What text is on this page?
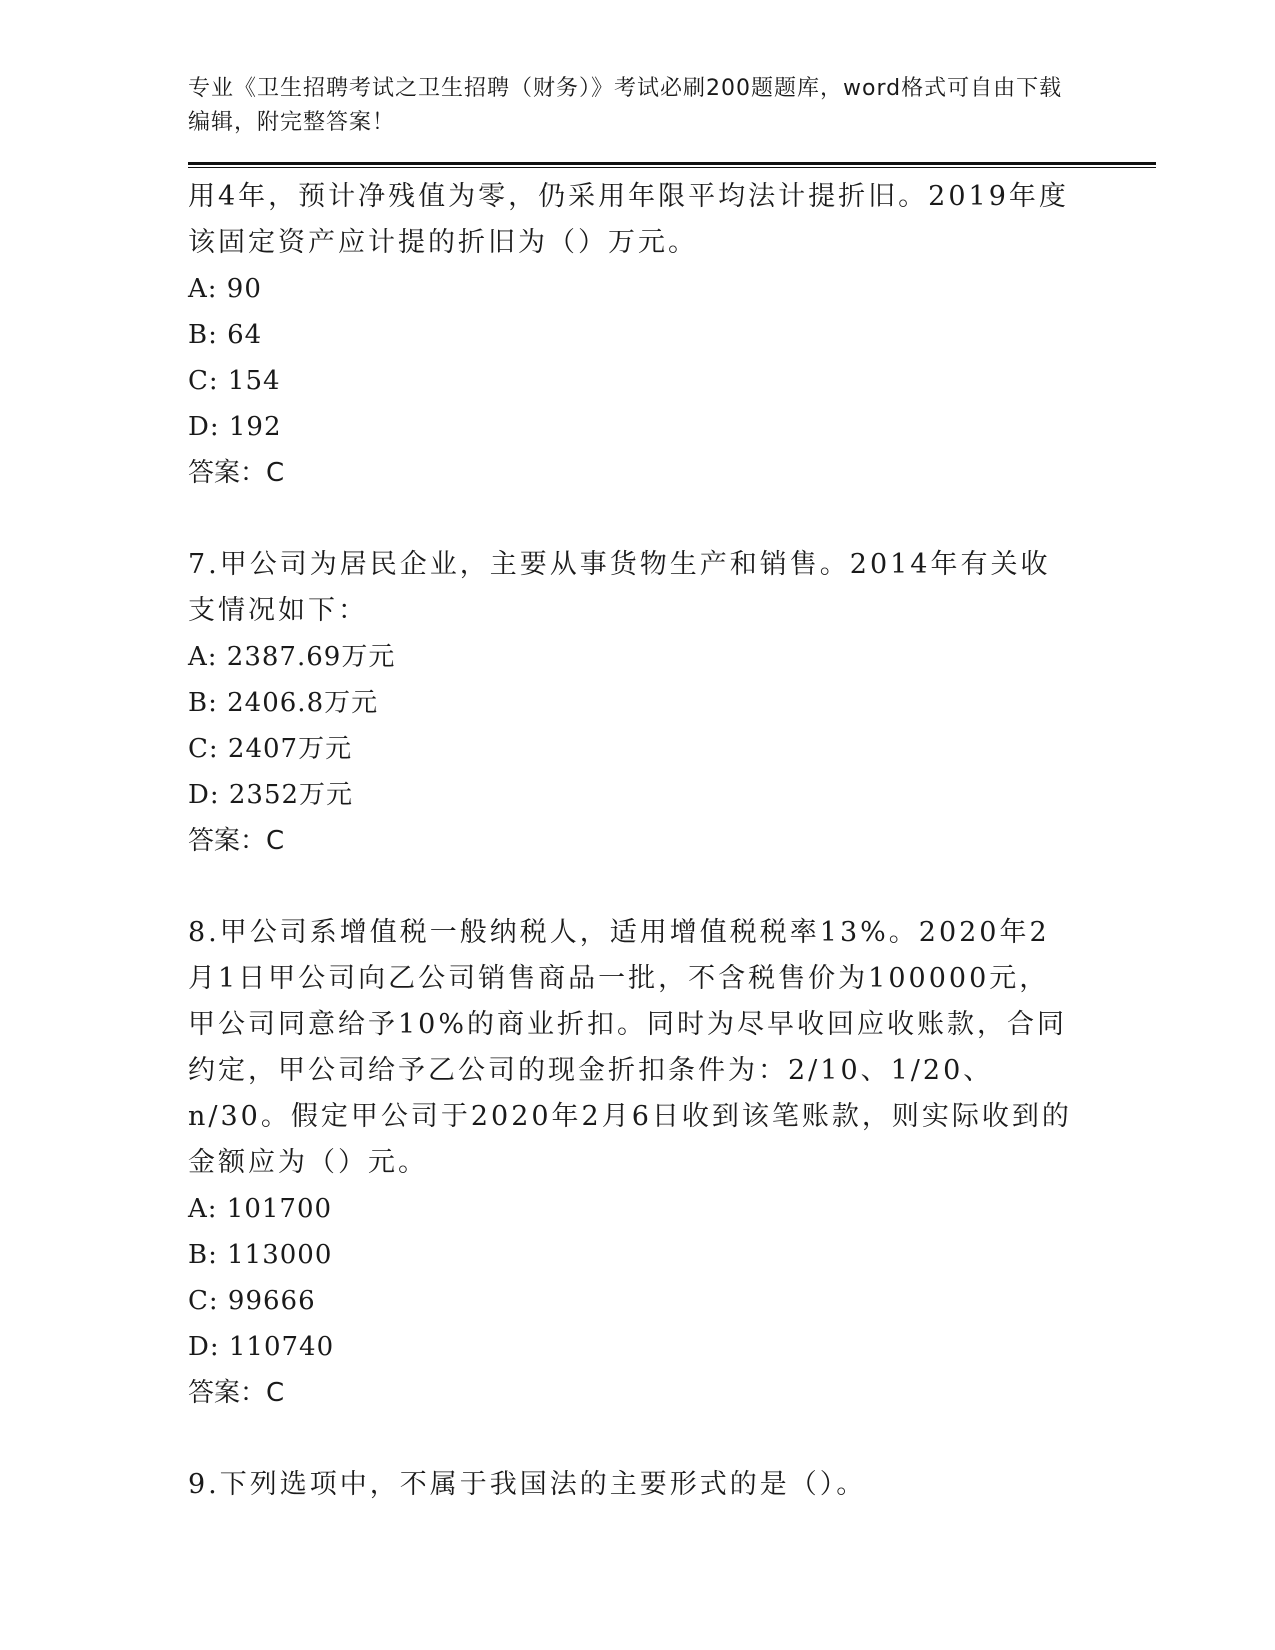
专业《卫生招聘考试之卫生招聘（财务）》考试必刷200题题库，word格式可自由下载编辑，附完整答案！

用4年，预计净残值为零，仍采用年限平均法计提折旧。2019年度该固定资产应计提的折旧为（）万元。

A: 90

B: 64

C: 154

D: 192

答案：C

7.甲公司为居民企业，主要从事货物生产和销售。2014年有关收支情况如下：

A: 2387.69万元

B: 2406.8万元

C: 2407万元

D: 2352万元

答案：C

8.甲公司系增值税一般纳税人，适用增值税税率13%。2020年2月1日甲公司向乙公司销售商品一批，不含税售价为100000元，甲公司同意给予10%的商业折扣。同时为尽早收回应收账款，合同约定，甲公司给予乙公司的现金折扣条件为：2/10、1/20、n/30。假定甲公司于2020年2月6日收到该笔账款，则实际收到的金额应为（）元。

A: 101700

B: 113000

C: 99666

D: 110740

答案：C

9.下列选项中，不属于我国法的主要形式的是（）。
